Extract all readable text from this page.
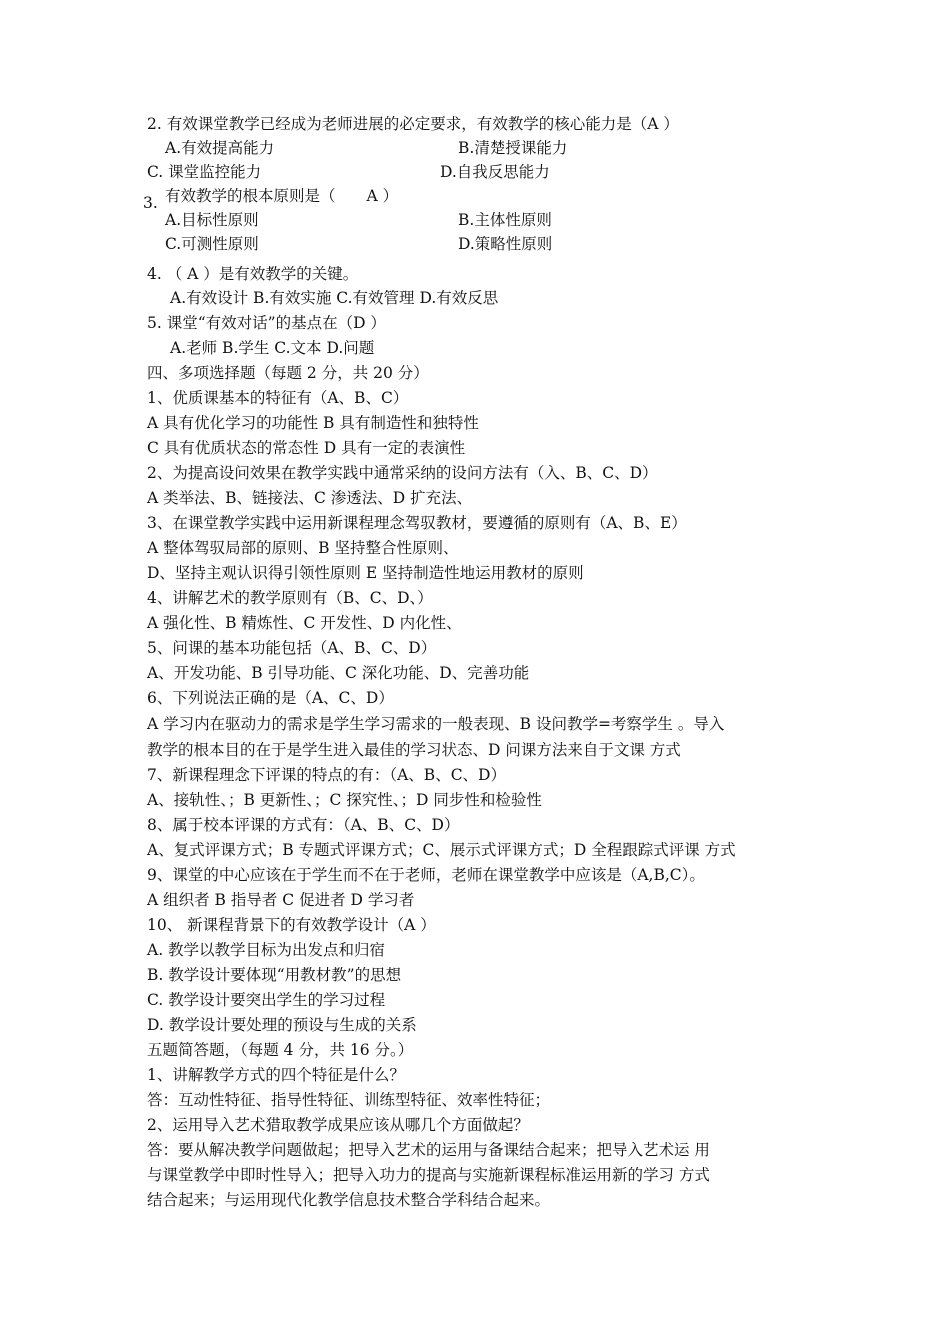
2. 有效课堂教学已经成为老师进展的必定要求，有效教学的核心能力是（A ）
A.有效提高能力	B.清楚授课能力
C. 课堂监控能力	D.自我反思能力
3. 有效教学的根本原则是（　　A ）
A.目标性原则	B.主体性原则
C.可测性原则	D.策略性原则
4. （ A ）是有效教学的关键。
A.有效设计 B.有效实施 C.有效管理 D.有效反思
5. 课堂“有效对话”的基点在（D ）
A.老师 B.学生 C.文本 D.问题
四、多项选择题（每题 2 分，共 20 分）
1、优质课基本的特征有（A、B、C）
A 具有优化学习的功能性 B 具有制造性和独特性
C 具有优质状态的常态性 D 具有一定的表演性
2、为提高设问效果在教学实践中通常采纳的设问方法有（入、B、C、D）
A 类举法、B、链接法、C 渗透法、D 扩充法、
3、在课堂教学实践中运用新课程理念驾驭教材，要遵循的原则有（A、B、E）
A 整体驾驭局部的原则、B 坚持整合性原则、
D、坚持主观认识得引领性原则 E 坚持制造性地运用教材的原则
4、讲解艺术的教学原则有（B、C、D、）
A 强化性、B 精炼性、C 开发性、D 内化性、
5、问课的基本功能包括（A、B、C、D）
A、开发功能、B 引导功能、C 深化功能、D、完善功能
6、下列说法正确的是（A、C、D）
A 学习内在驱动力的需求是学生学习需求的一般表现、B 设问教学=考察学生 。导入
教学的根本目的在于是学生进入最佳的学习状态、D 问课方法来自于文课 方式
7、新课程理念下评课的特点的有：（A、B、C、D）
A、接轨性、；B 更新性、；C 探究性、；D 同步性和检验性
8、属于校本评课的方式有：（A、B、C、D）
A、复式评课方式；B 专题式评课方式；C、展示式评课方式；D 全程跟踪式评课 方式
9、课堂的中心应该在于学生而不在于老师，老师在课堂教学中应该是（A,B,C）。
A 组织者 B 指导者 C 促进者 D 学习者
10、 新课程背景下的有效教学设计（A ）
A. 教学以教学目标为出发点和归宿
B. 教学设计要体现“用教材教”的思想
C. 教学设计要突出学生的学习过程
D. 教学设计要处理的预设与生成的关系
五题简答题，（每题 4 分，共 16 分。）
1、讲解教学方式的四个特征是什么？
答：互动性特征、指导性特征、训练型特征、效率性特征；
2、运用导入艺术猎取教学成果应该从哪几个方面做起？
答：要从解决教学问题做起；把导入艺术的运用与备课结合起来；把导入艺术运 用
与课堂教学中即时性导入；把导入功力的提高与实施新课程标准运用新的学习 方式
结合起来；与运用现代化教学信息技术整合学科结合起来。
